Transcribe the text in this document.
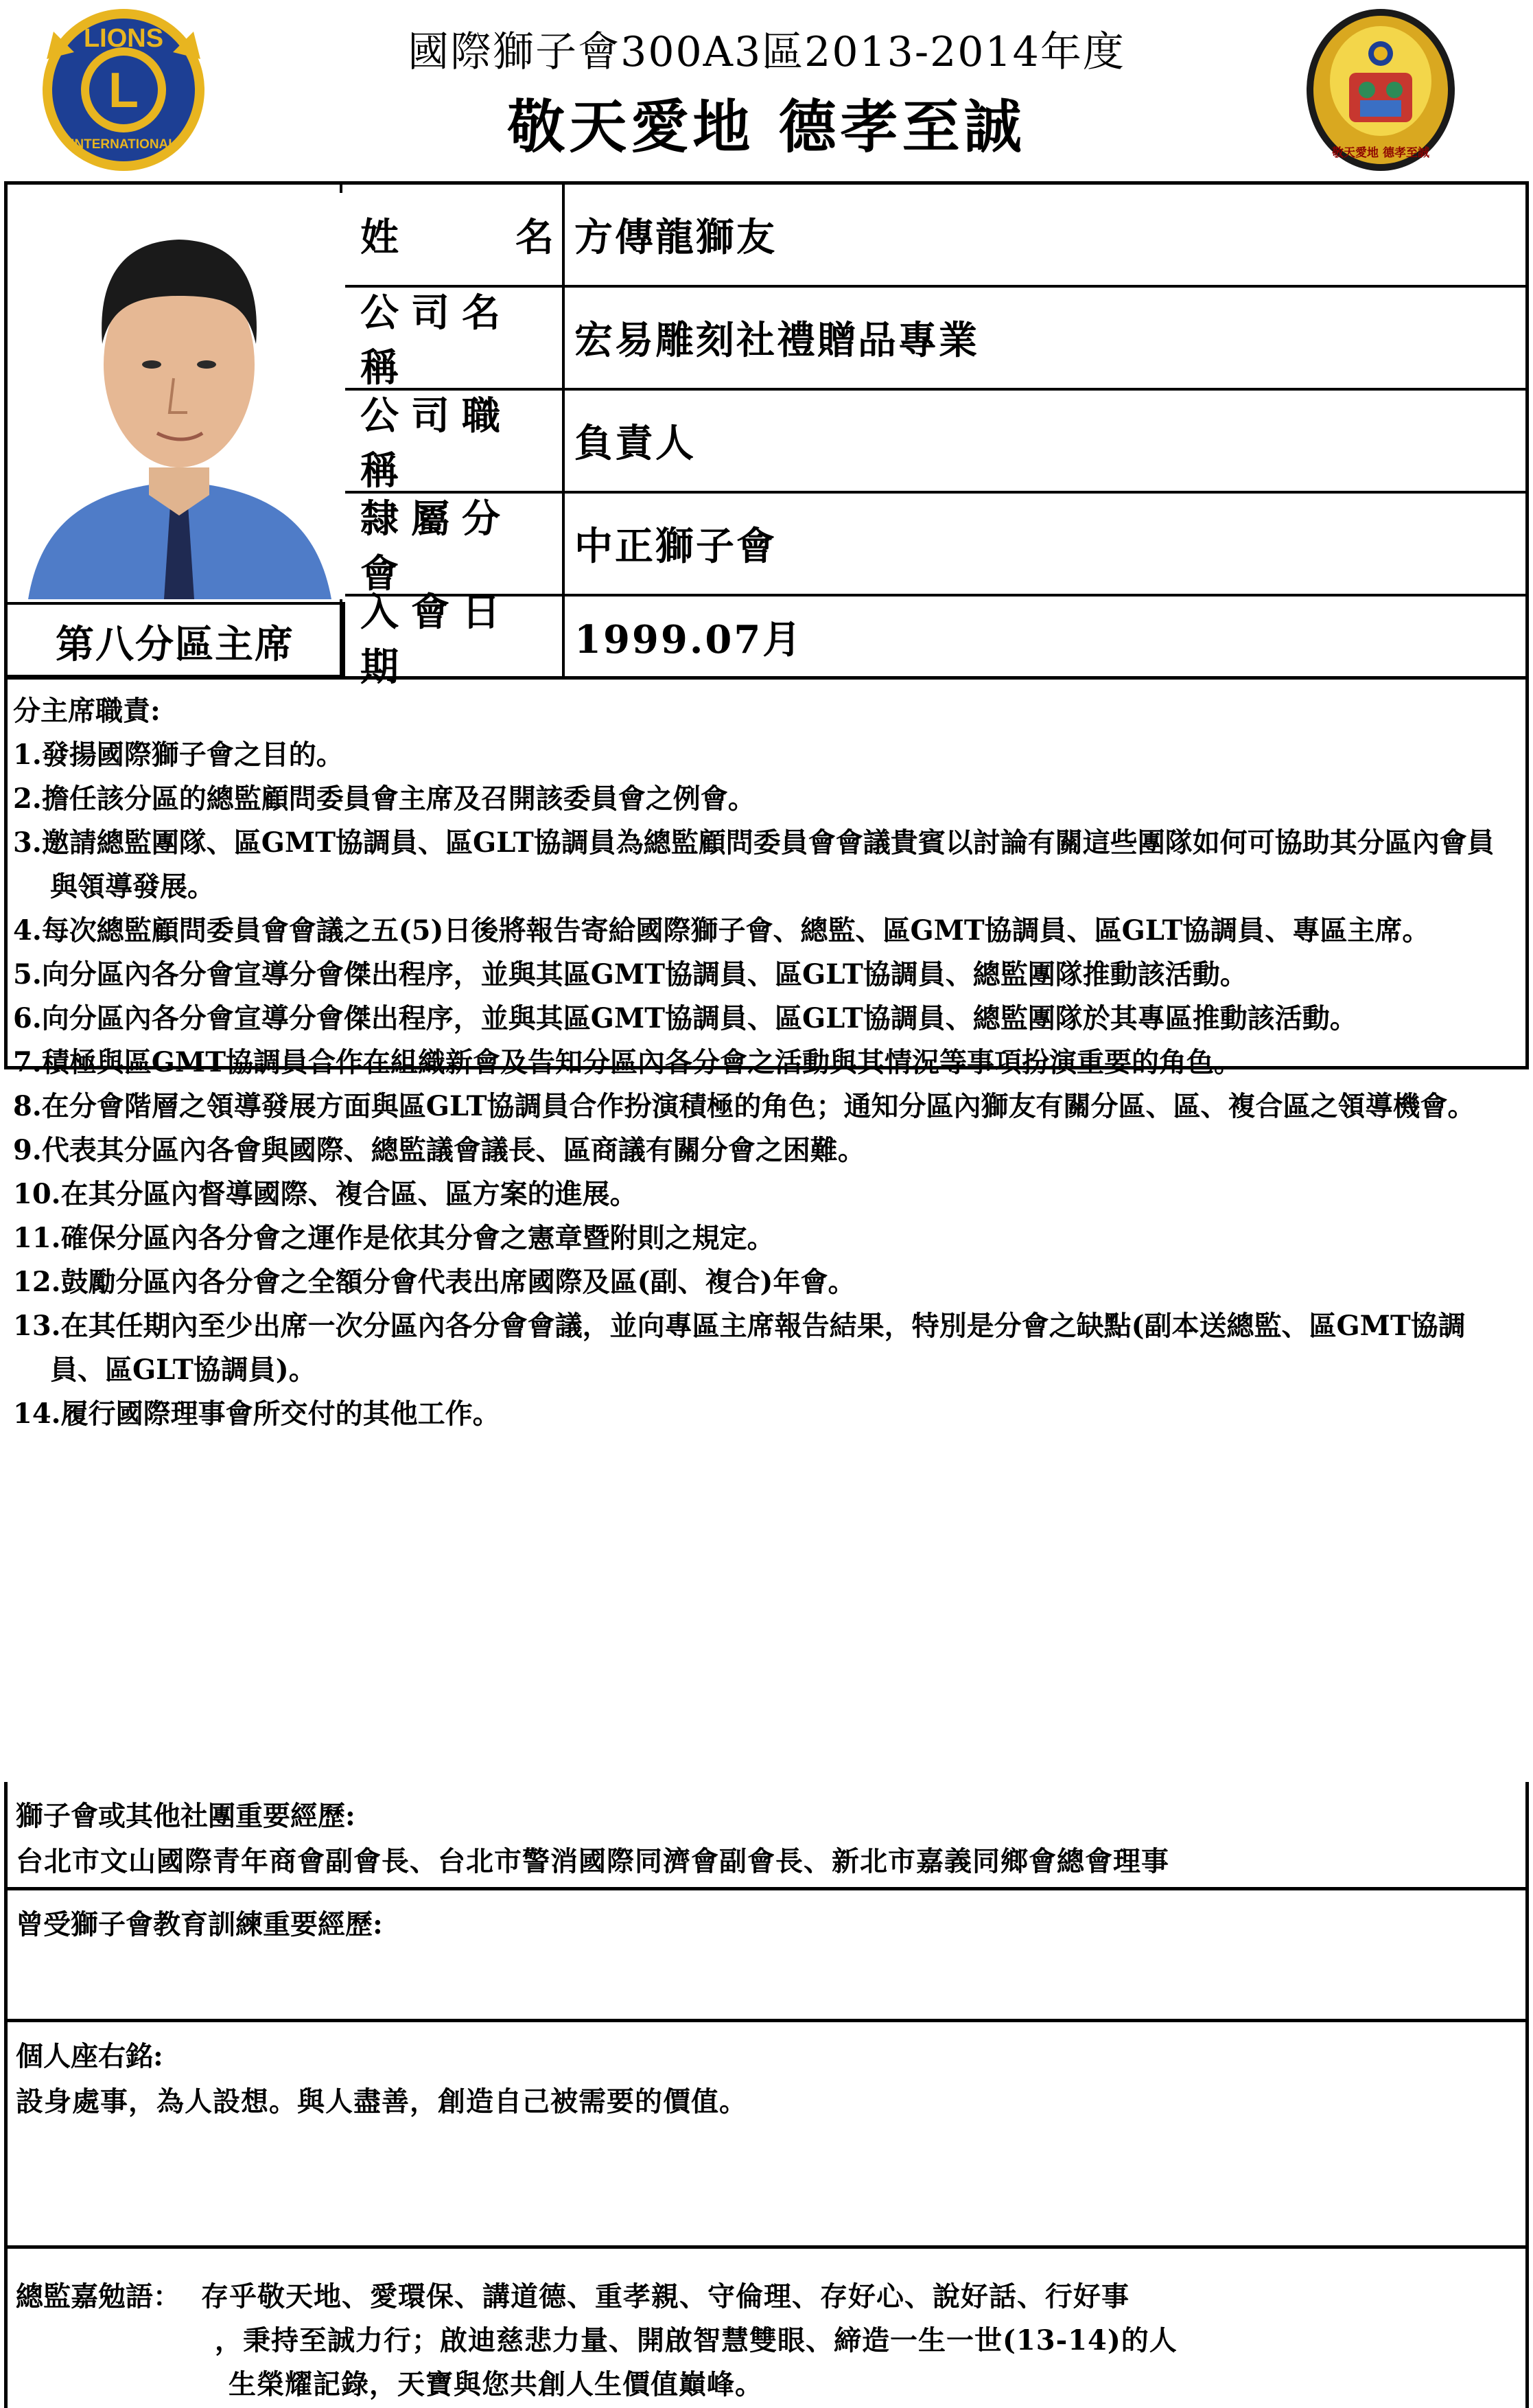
LIONS
INTERNATIONAL
L
國際獅子會300A3區2013-2014年度
敬天愛地 德孝至誠	敬天愛地 德孝至誠
第八分區主席
姓	名 方傳龍獅友
公司名稱
宏易雕刻社禮贈品專業
公司職稱
負責人
隸屬分會
中正獅子會
入會日期
1999.07月
分主席職責:
1.發揚國際獅子會之目的。
2.擔任該分區的總監顧問委員會主席及召開該委員會之例會。
3.邀請總監團隊、區GMT協調員、區GLT協調員為總監顧問委員會會議貴賓以討論有關這些團隊如何可協助其分區內會員與領導發展。
4.每次總監顧問委員會會議之五(5)日後將報告寄給國際獅子會、總監、區GMT協調員、區GLT協調員、專區主席。
5.向分區內各分會宣導分會傑出程序，並與其區GMT協調員、區GLT協調員、總監團隊推動該活動。
6.向分區內各分會宣導分會傑出程序，並與其區GMT協調員、區GLT協調員、總監團隊於其專區推動該活動。
7.積極與區GMT協調員合作在組織新會及告知分區內各分會之活動與其情況等事項扮演重要的角色。
8.在分會階層之領導發展方面與區GLT協調員合作扮演積極的角色；通知分區內獅友有關分區、區、複合區之領導機會。
9.代表其分區內各會與國際、總監議會議長、區商議有關分會之困難。
10.在其分區內督導國際、複合區、區方案的進展。
11.確保分區內各分會之運作是依其分會之憲章暨附則之規定。
12.鼓勵分區內各分會之全額分會代表出席國際及區(副、複合)年會。
13.在其任期內至少出席一次分區內各分會會議，並向專區主席報告結果，特別是分會之缺點(副本送總監、區GMT協調員、區GLT協調員)。
14.履行國際理事會所交付的其他工作。
獅子會或其他社團重要經歷:
台北市文山國際青年商會副會長、台北市警消國際同濟會副會長、新北市嘉義同鄉會總會理事
曾受獅子會教育訓練重要經歷:
個人座右銘:
設身處事，為人設想。與人盡善，創造自己被需要的價值。
總監嘉勉語： 存乎敬天地、愛環保、講道德、重孝親、守倫理、存好心、說好話、行好事
，秉持至誠力行；啟迪慈悲力量、開啟智慧雙眼、締造一生一世(13-14)的人
生榮耀記錄，天寶與您共創人生價值巔峰。
